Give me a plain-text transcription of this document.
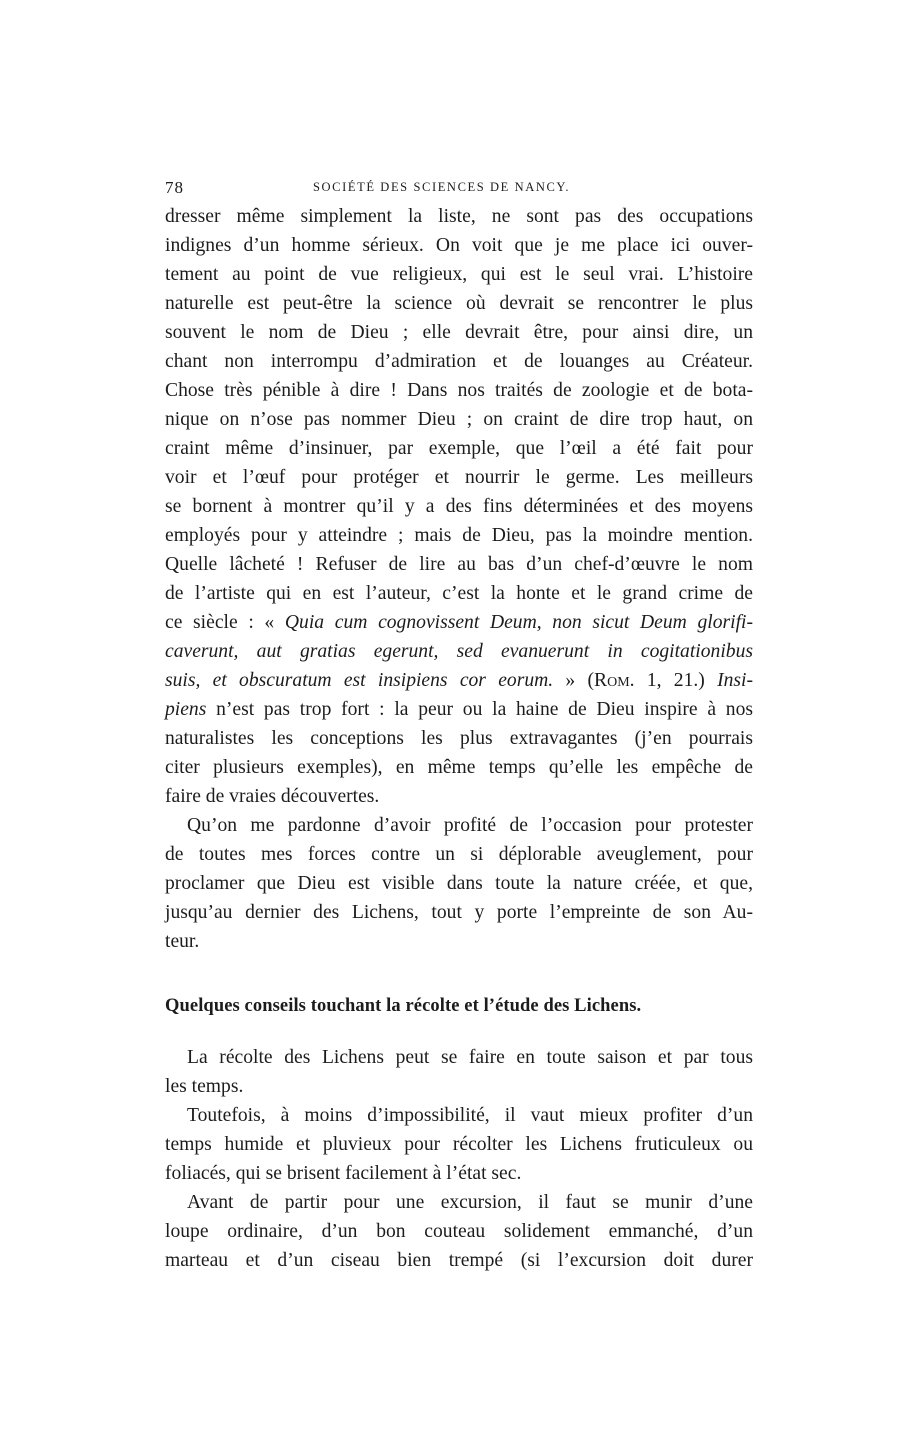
78	SOCIÉTÉ DES SCIENCES DE NANCY.

dresser même simplement la liste, ne sont pas des occupations
indignes d’un homme sérieux. On voit que je me place ici ouver-
tement au point de vue religieux, qui est le seul vrai. L’histoire
naturelle est peut-être la science où devrait se rencontrer le plus
souvent le nom de Dieu ; elle devrait être, pour ainsi dire, un
chant non interrompu d’admiration et de louanges au Créateur.
Chose très pénible à dire ! Dans nos traités de zoologie et de bota-
nique on n’ose pas nommer Dieu ; on craint de dire trop haut, on
craint même d’insinuer, par exemple, que l’œil a été fait pour
voir et l’œuf pour protéger et nourrir le germe. Les meilleurs
se bornent à montrer qu’il y a des fins déterminées et des moyens
employés pour y atteindre ; mais de Dieu, pas la moindre mention.
Quelle lâcheté ! Refuser de lire au bas d’un chef-d’œuvre le nom
de l’artiste qui en est l’auteur, c’est la honte et le grand crime de
ce siècle : « Quia cum cognovissent Deum, non sicut Deum glorifi-
caverunt, aut gratias egerunt, sed evanuerunt in cogitationibus
suis, et obscuratum est insipiens cor eorum. » (Rom. 1, 21.) Insi-
piens n’est pas trop fort : la peur ou la haine de Dieu inspire à nos
naturalistes les conceptions les plus extravagantes (j’en pourrais
citer plusieurs exemples), en même temps qu’elle les empêche de
faire de vraies découvertes.

Qu’on me pardonne d’avoir profité de l’occasion pour protester
de toutes mes forces contre un si déplorable aveuglement, pour
proclamer que Dieu est visible dans toute la nature créée, et que,
jusqu’au dernier des Lichens, tout y porte l’empreinte de son Au-
teur.

Quelques conseils touchant la récolte et l’étude des Lichens.

La récolte des Lichens peut se faire en toute saison et par tous
les temps.

Toutefois, à moins d’impossibilité, il vaut mieux profiter d’un
temps humide et pluvieux pour récolter les Lichens fruticuleux ou
foliacés, qui se brisent facilement à l’état sec.

Avant de partir pour une excursion, il faut se munir d’une
loupe ordinaire, d’un bon couteau solidement emmanché, d’un
marteau et d’un ciseau bien trempé (si l’excursion doit durer
